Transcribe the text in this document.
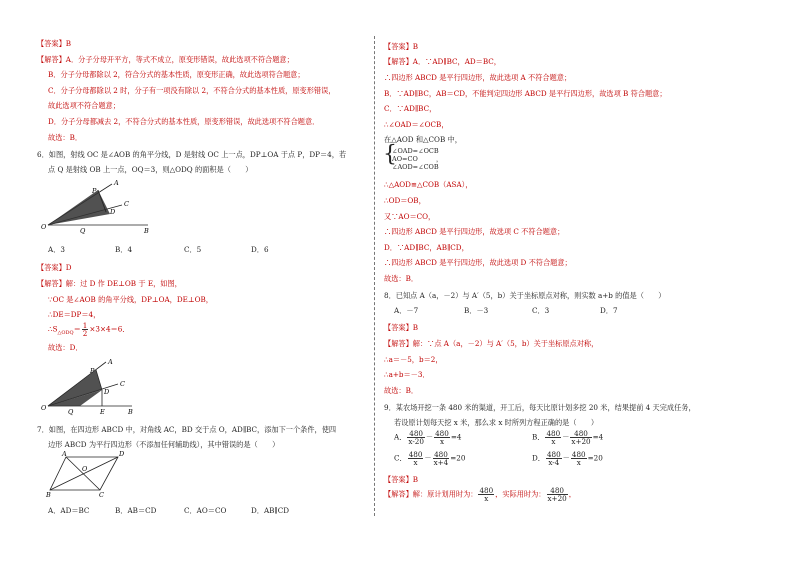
【答案】B
【解答】A．分子分母开平方，等式不成立，原变形错误，故此选项不符合题意；
B．分子分母都除以 2，符合分式的基本性质，原变形正确，故此选项符合题意；
C．分子分母都除以 2 时，分子有一项没有除以 2，不符合分式的基本性质，原变形错误，
故此选项不符合题意；
D．分子分母都减去 2，不符合分式的基本性质，原变形错误，故此选项不符合题意．
故选：B．
6．如图，射线 OC 是∠AOB 的角平分线，D 是射线 OC 上一点，DP⊥OA 于点 P，DP＝4，若
点 Q 是射线 OB 上一点，OQ＝3，则△ODQ 的面积是（　　）
A
P
C
D
O	Q	B
A．3	B．4	C．5	D．6
【答案】D
【解答】解：过 D 作 DE⊥OB 于 E，如图，
∵OC 是∠AOB 的角平分线，DP⊥OA，DE⊥OB，
∴DE＝DP＝4，
$\therefore S_{\triangle ODQ}= \frac{1}{2} \times 3\times 4=6$．
故选：D．
A
P
C
D
O	Q	E	B
7．如图，在四边形 ABCD 中，对角线 AC，BD 交于点 O，AD∥BC，添加下一个条件，使四
边形 ABCD 为平行四边形（不添加任何辅助线），其中错误的是（　　）
A	D
O
B	C
A．AD＝BC	B．AB＝CD	C．AO＝CO	D．AB∥CD
【答案】B
【解答】A．∵AD∥BC，AD＝BC，
∴四边形 ABCD 是平行四边形，故此选项 A 不符合题意；
B．∵AD∥BC，AB＝CD，不能判定四边形 ABCD 是平行四边形，故选项 B 符合题意；
C．∵AD∥BC，
∴∠OAD＝∠OCB，
在△AOD 和△COB 中，
{
∠OAD=∠OCB
AO=CO	，
∠AOD=∠COB
∴△AOD≌△COB（ASA），
∴OD＝OB，
又∵AO＝CO，
∴四边形 ABCD 是平行四边形，故选项 C 不符合题意；
D．∵AD∥BC，AB∥CD，
∴四边形 ABCD 是平行四边形，故此选项 D 不符合题意；
故选：B．
8．已知点 A（a，－2）与 A′（5，b）关于坐标原点对称，则实数 a+b 的值是（　　）
A．－7	B．－3	C．3	D．7
【答案】B
【解答】解：∵点 A（a，－2）与 A′（5，b）关于坐标原点对称，
∴a＝－5，b＝2，
∴a+b＝－3．
故选：B．
9．某农场开挖一条 480 米的渠道，开工后，每天比原计划多挖 20 米，结果提前 4 天完成任务，
若设原计划每天挖 x 米，那么求 x 时所列方程正确的是（　　）
A． $\frac{480}{x-20} - \frac{480}{x} =4$	B． $\frac{480}{x} - \frac{480}{x+20} =4$
C． $\frac{480}{x} - \frac{480}{x+4} =20$	D． $\frac{480}{x-4} - \frac{480}{x} =20$
【答案】B
【解答】解：原计划用时为： $\frac{480}{x}$ ，实际用时为： $\frac{480}{x+20}$ ，
